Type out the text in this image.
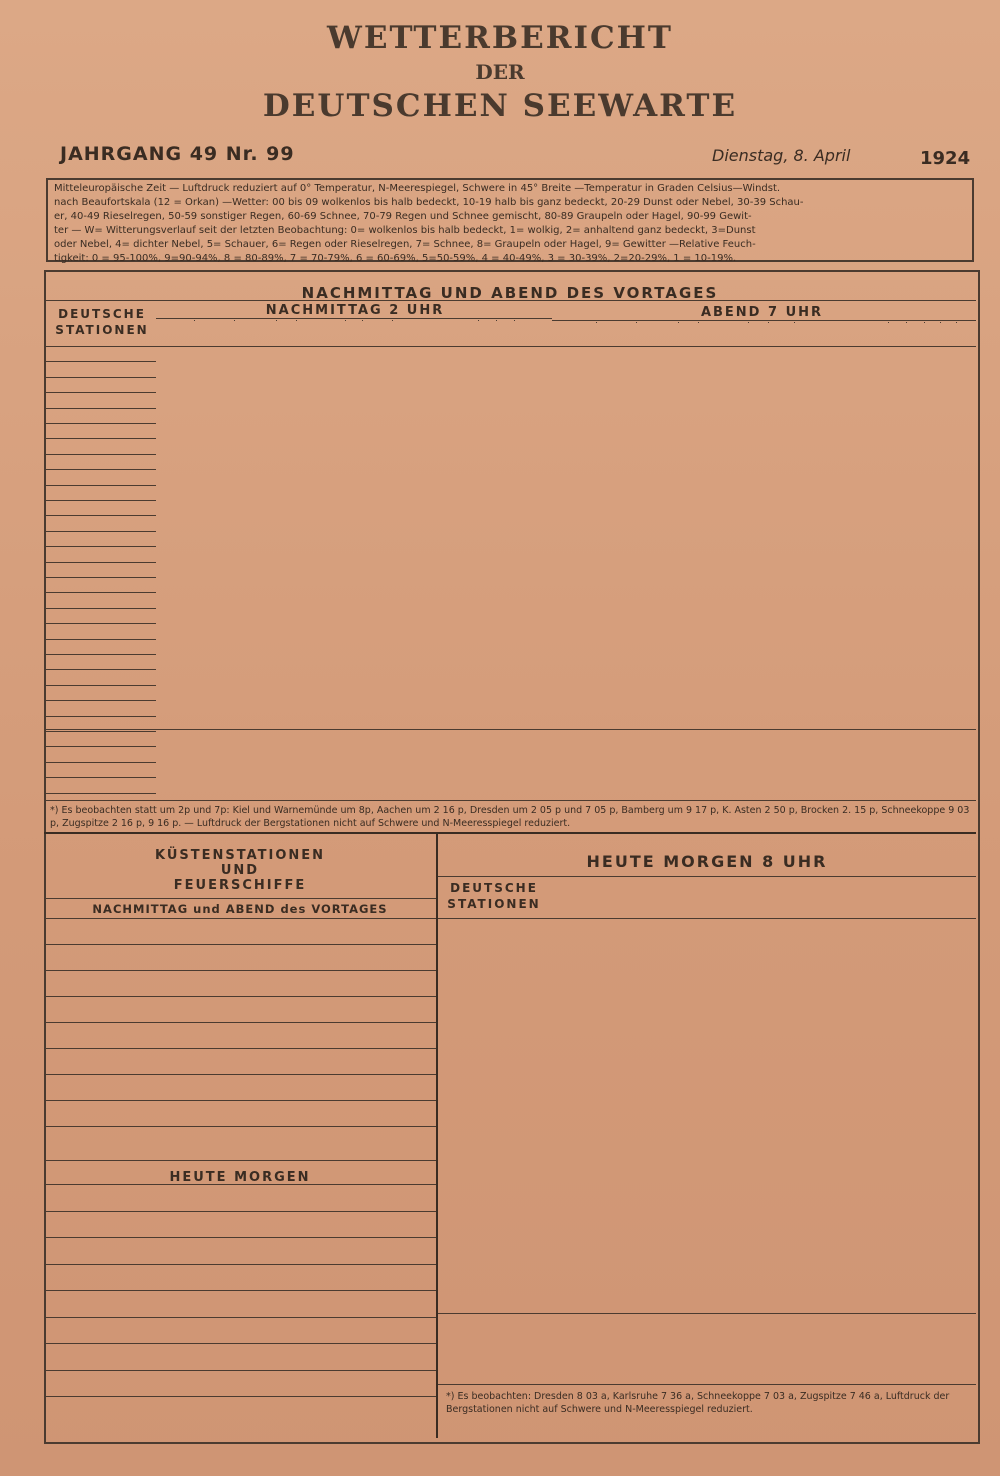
WETTERBERICHT
DER
DEUTSCHEN SEEWARTE
JAHRGANG 49 Nr. 99	Dienstag, 8. April	1924
Mitteleuropäische Zeit — Luftdruck reduziert auf 0° Temperatur, N-Meerespiegel, Schwere in 45° Breite —Temperatur in Graden Celsius—Windst.
nach Beaufortskala (12 = Orkan) —Wetter: 00 bis 09 wolkenlos bis halb bedeckt, 10-19 halb bis ganz bedeckt, 20-29 Dunst oder Nebel, 30-39 Schau-
er, 40-49 Rieselregen, 50-59 sonstiger Regen, 60-69 Schnee, 70-79 Regen und Schnee gemischt, 80-89 Graupeln oder Hagel, 90-99 Gewit-
ter — W= Witterungsverlauf seit der letzten Beobachtung: 0= wolkenlos bis halb bedeckt, 1= wolkig, 2= anhaltend ganz bedeckt, 3=Dunst
oder Nebel, 4= dichter Nebel, 5= Schauer, 6= Regen oder Rieselregen, 7= Schnee, 8= Graupeln oder Hagel, 9= Gewitter —Relative Feuch-
tigkeit: 0 = 95-100%, 9=90-94%, 8 = 80-89%, 7 = 70-79%, 6 = 60-69%, 5=50-59%, 4 = 40-49%, 3 = 30-39%, 2=20-29%, 1 = 10-19%.
NACHMITTAG UND ABEND DES VORTAGES
NACHMITTAG 2 UHR	ABEND 7 UHR
DEUTSCHE STATIONEN
KÜSTENSTATIONEN
UND
FEUERSCHIFFE
NACHMITTAG und ABEND des VORTAGES
HEUTE MORGEN
HEUTE MORGEN 8 UHR
DEUTSCHE STATIONEN
*) Es beobachten statt um 2p und 7p: Kiel und Warnemünde um 8p, Aachen um 2 16 p, Dresden um 2 05 p und 7 05 p, Bamberg um 9 17 p, K. Asten 2 50 p, Brocken 2. 15 p, Schneekoppe 9 03 p, Zugspitze 2 16 p, 9 16 p. — Luftdruck der Bergstationen nicht auf Schwere und N-Meeresspiegel reduziert.
*) Es beobachten: Dresden 8 03 a, Karlsruhe 7 36 a, Schneekoppe 7 03 a, Zugspitze 7 46 a, Luftdruck der Bergstationen nicht auf Schwere und N-Meeresspiegel reduziert.
